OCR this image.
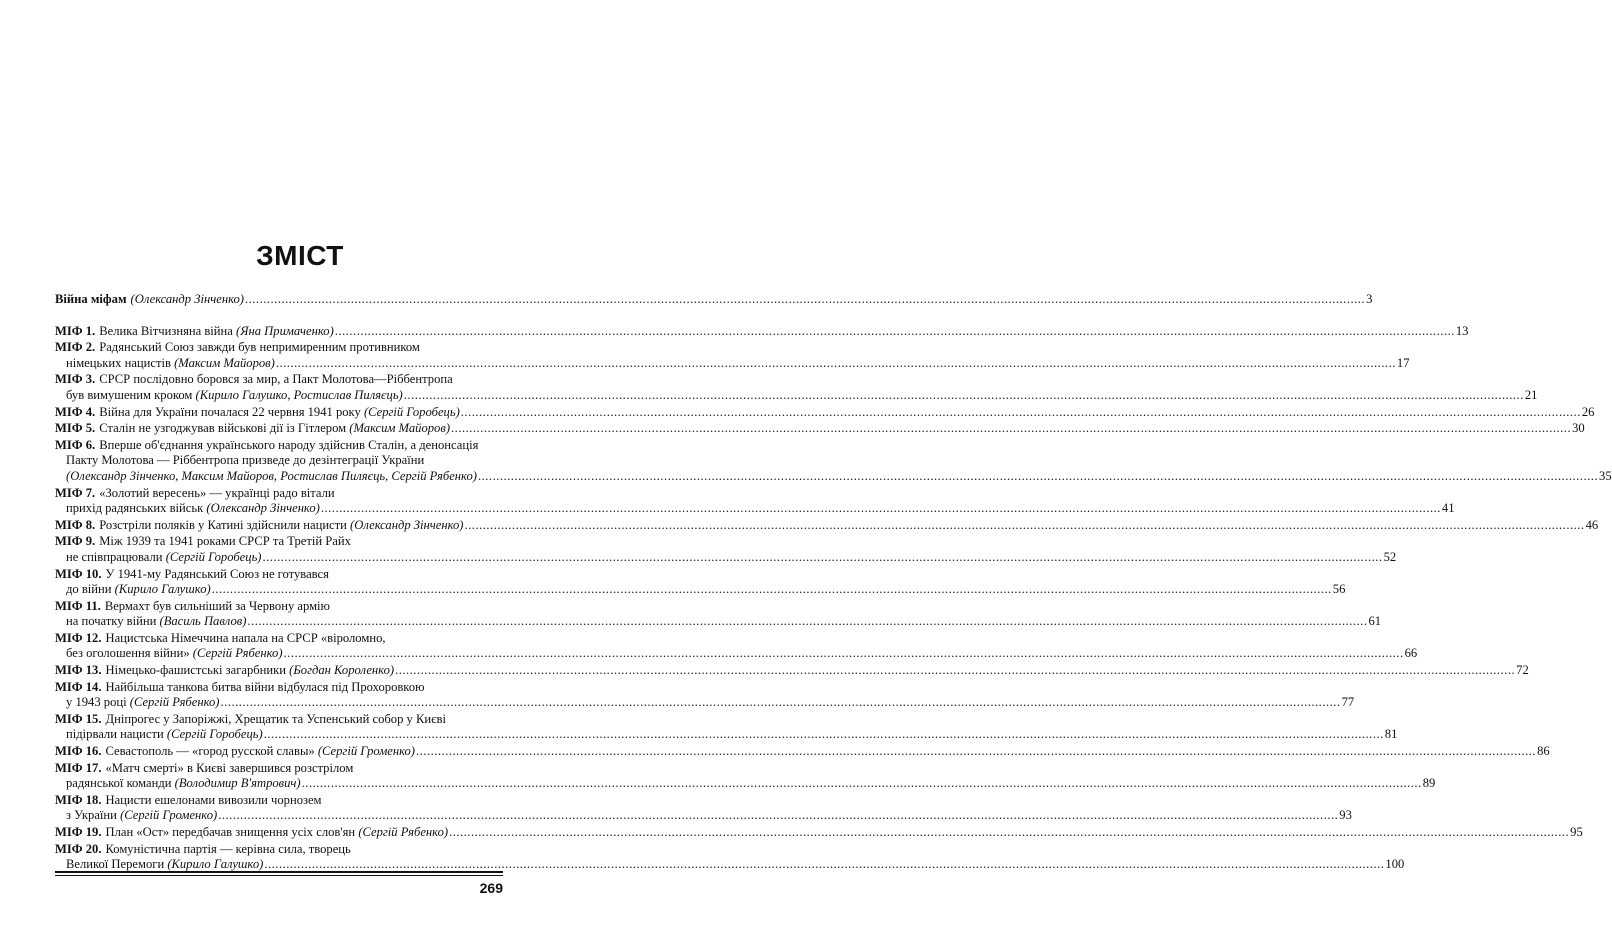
ЗМІСТ
Війна міфам (Олександр Зінченко) .....	3
МІФ 1. Велика Вітчизняна війна (Яна Примаченко) .....	13
МІФ 2. Радянський Союз завжди був непримиренним противником
німецьких нацистів (Максим Майоров) .....	17
МІФ 3. СРСР послідовно боровся за мир, а Пакт Молотова—Ріббентропа
був вимушеним кроком (Кирило Галушко, Ростислав Пиляєць) .....	21
МІФ 4. Війна для України почалася 22 червня 1941 року (Сергій Горобець) .....	26
МІФ 5. Сталін не узгоджував військові дії із Гітлером (Максим Майоров) .....	30
МІФ 6. Вперше об'єднання українського народу здійснив Сталін, а денонсація
Пакту Молотова — Ріббентропа призведе до дезінтеграції України
(Олександр Зінченко, Максим Майоров, Ростислав Пиляєць, Сергій Рябенко) .....	35
МІФ 7. «Золотий вересень» — українці радо вітали
прихід радянських військ (Олександр Зінченко) .....	41
МІФ 8. Розстріли поляків у Катині здійснили нацисти (Олександр Зінченко) .....	46
МІФ 9. Між 1939 та 1941 роками СРСР та Третій Райх
не співпрацювали (Сергій Горобець) .....	52
МІФ 10. У 1941-му Радянський Союз не готувався
до війни (Кирило Галушко) .....	56
МІФ 11. Вермахт був сильніший за Червону армію
на початку війни (Василь Павлов) .....	61
МІФ 12. Нацистська Німеччина напала на СРСР «віроломно,
без оголошення війни» (Сергій Рябенко) .....	66
МІФ 13. Німецько-фашистські загарбники (Богдан Короленко) .....	72
МІФ 14. Найбільша танкова битва війни відбулася під Прохоровкою
у 1943 році (Сергій Рябенко) .....	77
МІФ 15. Дніпрогес у Запоріжжі, Хрещатик та Успенський собор у Києві
підірвали нацисти (Сергій Горобець) .....	81
МІФ 16. Севастополь — «город русской славы» (Сергій Громенко) .....	86
МІФ 17. «Матч смерті» в Києві завершився розстрілом
радянської команди (Володимир В'ятрович) .....	89
МІФ 18. Нацисти ешелонами вивозили чорнозем
з України (Сергій Громенко) .....	93
МІФ 19. План «Ост» передбачав знищення усіх слов'ян (Сергій Рябенко) .....	95
МІФ 20. Комуністична партія — керівна сила, творець
Великої Перемоги (Кирило Галушко) .....	100
269
